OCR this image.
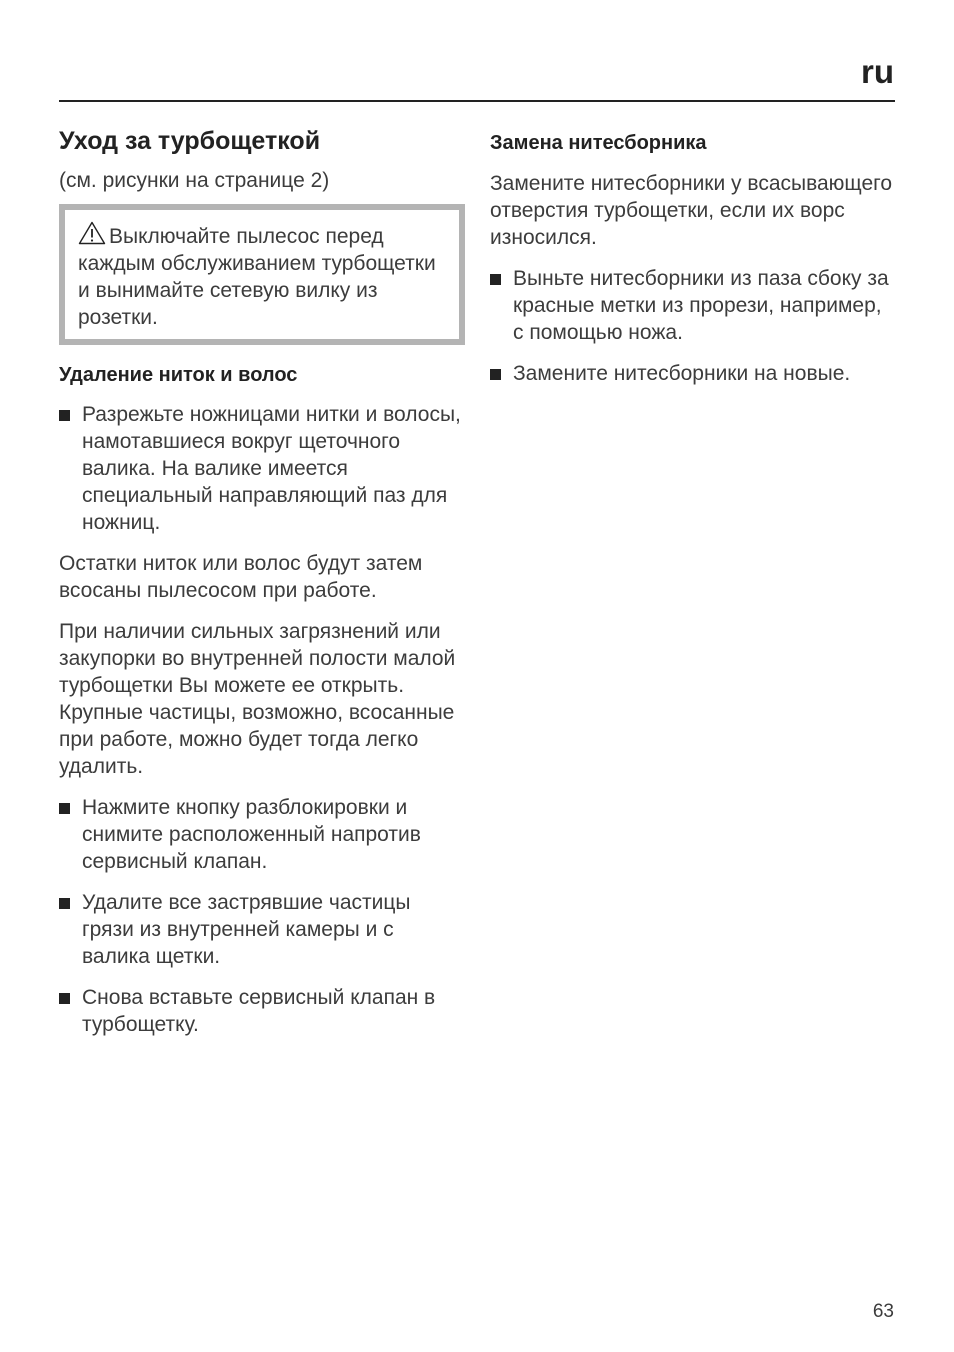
ru
Уход за турбощеткой
(см. рисунки на странице 2)
Выключайте пылесос перед каждым обслуживанием турбощетки и вынимайте сетевую вилку из розетки.
Удаление ниток и волос
Разрежьте ножницами нитки и волосы, намотавшиеся вокруг щеточного валика. На валике имеется специальный направляющий паз для ножниц.
Остатки ниток или волос будут затем всосаны пылесосом при работе.
При наличии сильных загрязнений или закупорки во внутренней полости малой турбощетки Вы можете ее открыть. Крупные частицы, возможно, всосанные при работе, можно будет тогда легко удалить.
Нажмите кнопку разблокировки и снимите расположенный напротив сервисный клапан.
Удалите все застрявшие частицы грязи из внутренней камеры и с валика щетки.
Снова вставьте сервисный клапан в турбощетку.
Замена нитесборника
Замените нитесборники у всасывающего отверстия турбощетки, если их ворс износился.
Выньте нитесборники из паза сбоку за красные метки из прорези, например, с помощью ножа.
Замените нитесборники на новые.
63
